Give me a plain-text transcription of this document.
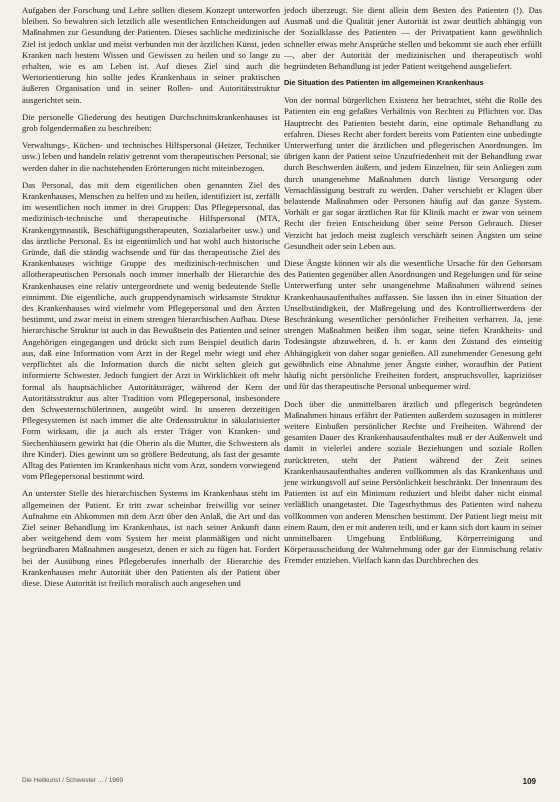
Aufgaben der Forschung und Lehre sollten diesem Konzept unterworfen bleiben. So bewahren sich letztlich alle wesentlichen Entscheidungen auf Maßnahmen zur Gesundung der Patienten. Dieses sachliche medizinische Ziel ist jedoch unklar und meist verbunden mit der ärztlichen Kunst, jeden Kranken nach bestem Wissen und Gewissen zu heilen und so lange zu erhalten, wie es am Leben ist. Auf dieses Ziel sind auch die Wertorientierung hin sollte jedes Krankenhaus in seiner praktischen äußeren Organisation und in seiner Rollen- und Autoritätsstruktur ausgerichtet sein.

Die personelle Gliederung des heutigen Durchschnittskrankenhauses ist grob folgendermaßen zu beschreiben:

Verwaltungs-, Küchen- und technisches Hilfspersonal (Heizer, Techniker usw.) leben und handeln relativ getrennt vom therapeutischen Personal; sie werden daher in die nachstehenden Erörterungen nicht miteinbezogen.

Das Personal, das mit dem eigentlichen oben genannten Ziel des Krankenhauses, Menschen zu helfen und zu heilen, identifiziert ist, zerfällt im wesentlichen noch immer in drei Gruppen: Das Pflegepersonal, das medizinisch-technische und therapeutische Hilfspersonal (MTA, Krankengymnastik, Beschäftigungstherapeuten, Sozialarbeiter usw.) und das ärztliche Personal. Es ist eigentümlich und hat wohl auch historische Gründe, daß die ständig wachsende und für das therapeutische Ziel des Krankenhauses wichtige Gruppe des medizinisch-technischen und allotherapeutischen Personals noch immer innerhalb der Hierarchie des Krankenhauses eine relativ untergeordnete und wenig bedeutende Stelle einnimmt. Die eigentliche, auch gruppendynamisch wirksamste Struktur des Krankenhauses wird vielmehr vom Pflegepersonal und den Ärzten bestimmt, und zwar meist in einem strengen hierarchischen Aufbau. Diese hierarchische Struktur ist auch in das Bewußtsein des Patienten und seiner Angehörigen eingegangen und drückt sich zum Beispiel deutlich darin aus, daß eine Information vom Arzt in der Regel mehr wiegt und eher verpflichtet als die Information durch die nicht selten gleich gut informierte Schwester. Jedoch fungiert der Arzt in Wirklichkeit oft mehr formal als hauptsächlicher Autoritätsträger, während der Kern der Autoritätsstruktur aus alter Tradition vom Pflegepersonal, insbesondere den Schwesternschülerinnen, ausgeübt wird. In unseren derzeitigen Pflegesystemen ist nach immer die alte Ordensstruktur in säkularisierter Form wirksam, die ja auch als erster Träger von Kranken- und Siechenhäusern gewirkt hat (die Oberin als die Mutter, die Schwestern als ihre Kinder). Dies gewinnt um so größere Bedeutung, als fast der gesamte Alltag des Patienten im Krankenhaus nicht vom Arzt, sondern vorwiegend vom Pflegepersonal bestimmt wird.

An unterster Stelle des hierarchischen Systems im Krankenhaus steht im allgemeinen der Patient. Er tritt zwar scheinbar freiwillig vor seiner Aufnahme ein Abkommen mit dem Arzt über den Anlaß, die Art und das Ziel seiner Behandlung im Krankenhaus, ist nach seiner Ankunft dann aber weitgehend dem vom System her meist planmäßigen und nicht begründbaren Maßnahmen ausgesetzt, denen er sich zu fügen hat. Fordert bei der Ausübung eines Pflegeberufes innerhalb der Hierarchie des Krankenhauses mehr Autorität über den Patienten als der Patient über diese. Diese Autorität ist freilich moralisch auch angesehen und

jedoch überzeugt. Sie dient allein dem Besten des Patienten (!). Das Ausmaß und die Qualität jener Autorität ist zwar deutlich abhängig von der Sozialklasse des Patienten — der Privatpatient kann gewöhnlich schneller etwas mehr Ansprüche stellen und bekommt sie auch eher erfüllt —, aber der Autorität der medizinischen und therapeutisch wohl begründeten Behandlung ist jeder Patient weitgehend ausgeliefert.

Die Situation des Patienten im allgemeinen Krankenhaus

Von der normal bürgerlichen Existenz her betrachtet, steht die Rolle des Patienten ein eng gefaßtes Verhältnis von Rechten zu Pflichten vor. Das Hauptrecht des Patienten besteht darin, eine optimale Behandlung zu erfahren. Dieses Recht aber fordert bereits vom Patienten eine unbedingte Unterwerfung unter die ärztlichen und pflegerischen Anordnungen. Im übrigen kann der Patient seine Unzufriedenheit mit der Behandlung zwar durch Beschwerden äußern, und jedem Einzelnen, für sein Anliegen zum durch unangenehme Maßnahmen durch lästige Versorgung oder Vernachlässigung bestraft zu werden. Daher verschiebt er Klagen über belastende Maßnahmen oder Personen häufig auf das ganze System. Vorhält er gar sogar ärztlichen Rat für Klinik macht er zwar von seinem Recht der freien Entscheidung über seine Person Gebrauch. Dieser Verzicht hat jedoch meist zugleich verschärft seinen Ängsten um seine Gesundheit oder sein Leben aus.

Diese Ängste können wir als die wesentliche Ursache für den Gehorsam des Patienten gegenüber allen Anordnungen und Regelungen und für seine Unterwerfung unter sehr unangenehme Maßnahmen während seines Krankenhausaufenthaltes auffassen. Sie lassen ihn in einer Situation der Unselbständigkeit, der Maßregelung und des Kontrolliertwerdens der Beschränkung wesentlicher persönlicher Freiheiten verharren. Ja, jene strengen Maßnahmen heißen ihm sogar, seine tiefen Krankheits- und Todesängste abzuwehren, d. h. er kann den Zustand des einseitig Abhängigkeit von daher sogar genießen. All zunehmender Genesung geht gewöhnlich eine Abnahme jener Ängste einher, woraufhin der Patient häufig nicht persönliche Freiheiten fordert, anspruchsvoller, kapriziöser und für das therapeutische Personal unbequemer wird.

Doch über die unmittelbaren ärztlich und pflegerisch begründeten Maßnahmen hinaus erfährt der Patienten außerdem sozusagen in mittlerer weitere Einbußen persönlicher Rechte und Freiheiten. Während der gesamten Dauer des Krankenhausaufenthaltes muß er der Außenwelt und damit in vielerlei andere soziale Beziehungen und soziale Rollen zurücktreten, steht der Patient während der Zeit seines Krankenhausaufenthaltes anderen vollkommen als das Krankenhaus und jene wirkungsvoll auf seine Persönlichkeit beschränkt. Der Innenraum des Patienten ist auf ein Minimum reduziert und bleibt daher nicht einmal verläßlich unangetastet. Die Tagesrhythmus des Patienten wird nahezu vollkommen von anderen Menschen bestimmt. Der Patient liegt meist mit einem Raum, den er mit anderen teilt, und er kann sich dort kaum in seiner unmittelbaren Umgebung Entblößung, Körperreinigung und Körperausscheidung der Wahrnehmung oder gar der Einmischung relativ Fremder entziehen. Vielfach kann das Durchbrechen des

Die Heilkunst / Schwester ... / 1969	109
